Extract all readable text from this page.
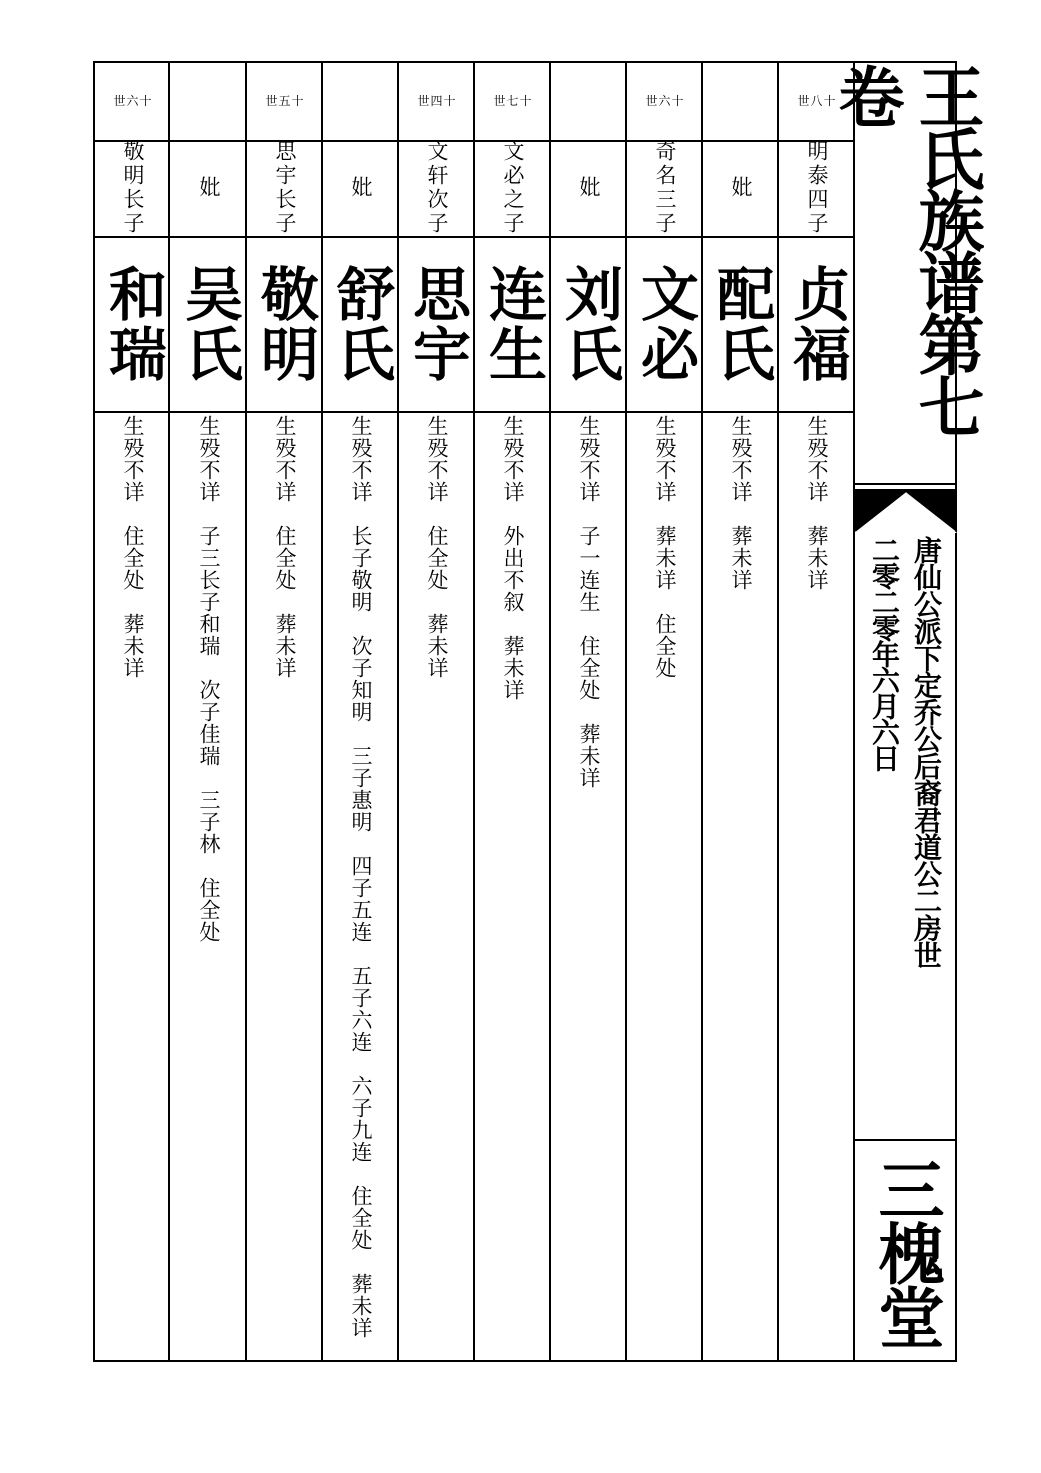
世八十
明泰四子
贞福
生殁不详　葬未详
妣
配氏
生殁不详　葬未详
世六十
奇名三子
文必
生殁不详　葬未详　住全处
妣
刘氏
生殁不详　子一连生　住全处　葬未详
世七十
文必之子
连生
生殁不详　外出不叙　葬未详
世四十
文轩次子
思宇
生殁不详　住全处　葬未详
妣
舒氏
生殁不详　长子敬明　次子知明　三子惠明　四子五连　五子六连　六子九连　住全处　葬未详
世五十
思宇长子
敬明
生殁不详　住全处　葬未详
妣
吴氏
生殁不详　子三长子和瑞　次子佳瑞　三子林　住全处
世六十
敬明长子
和瑞
生殁不详　住全处　葬未详
王氏族谱第七卷
唐仙公派下定乔公后裔君道公二房世
二零二零年六月六日
三槐堂
